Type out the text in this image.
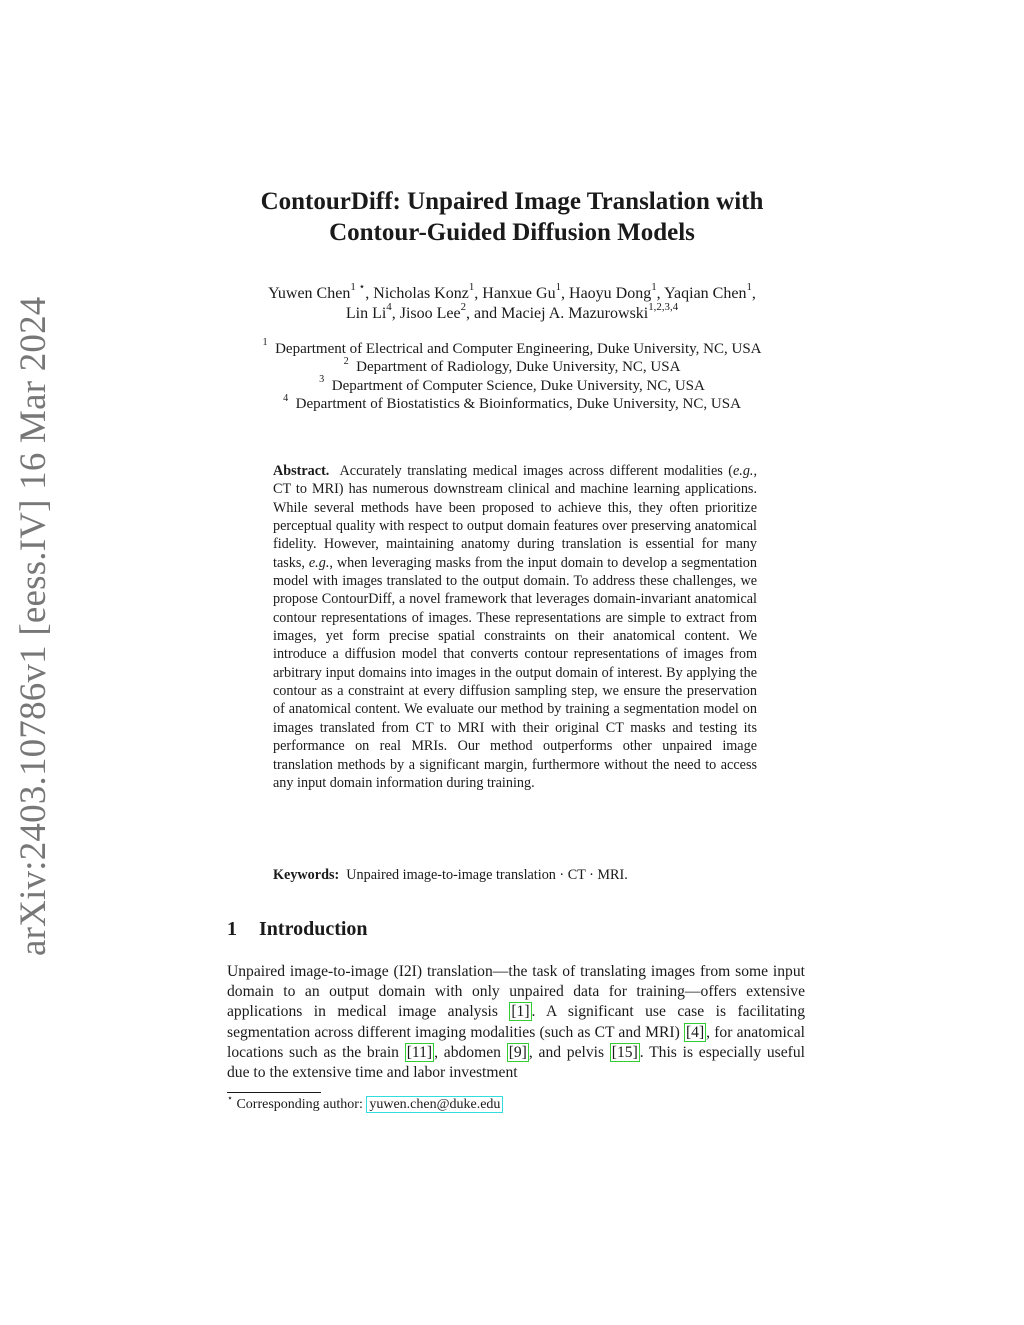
arXiv:2403.10786v1 [eess.IV] 16 Mar 2024
ContourDiff: Unpaired Image Translation with
Contour-Guided Diffusion Models
Yuwen Chen$^{1 ⋆}$, Nicholas Konz$^1$, Hanxue Gu$^1$, Haoyu Dong$^1$, Yaqian Chen$^1$,
Lin Li$^4$, Jisoo Lee$^2$, and Maciej A. Mazurowski$^{1,2,3,4}$
$^1$ Department of Electrical and Computer Engineering, Duke University, NC, USA
$^2$ Department of Radiology, Duke University, NC, USA
$^3$ Department of Computer Science, Duke University, NC, USA
$^4$ Department of Biostatistics & Bioinformatics, Duke University, NC, USA

Abstract. Accurately translating medical images across different modalities (e.g., CT to MRI) has numerous downstream clinical and machine learning applications. While several methods have been proposed to achieve this, they often prioritize perceptual quality with respect to output domain features over preserving anatomical fidelity. However, maintaining anatomy during translation is essential for many tasks, e.g., when leveraging masks from the input domain to develop a segmentation model with images translated to the output domain. To address these challenges, we propose ContourDiff, a novel framework that leverages domain-invariant anatomical contour representations of images. These representations are simple to extract from images, yet form precise spatial constraints on their anatomical content. We introduce a diffusion model that converts contour representations of images from arbitrary input domains into images in the output domain of interest. By applying the contour as a constraint at every diffusion sampling step, we ensure the preservation of anatomical content. We evaluate our method by training a segmentation model on images translated from CT to MRI with their original CT masks and testing its performance on real MRIs. Our method outperforms other unpaired image translation methods by a significant margin, furthermore without the need to access any input domain information during training.

Keywords: Unpaired image-to-image translation · CT · MRI.
1 Introduction

Unpaired image-to-image (I2I) translation—the task of translating images from some input domain to an output domain with only unpaired data for training—offers extensive applications in medical image analysis [1] . A significant use case is facilitating segmentation across different imaging modalities (such as CT and MRI) [4] , for anatomical locations such as the brain [11] , abdomen [9] , and pelvis [15] . This is especially useful due to the extensive time and labor investment

⋆ Corresponding author: yuwen.chen@duke.edu
